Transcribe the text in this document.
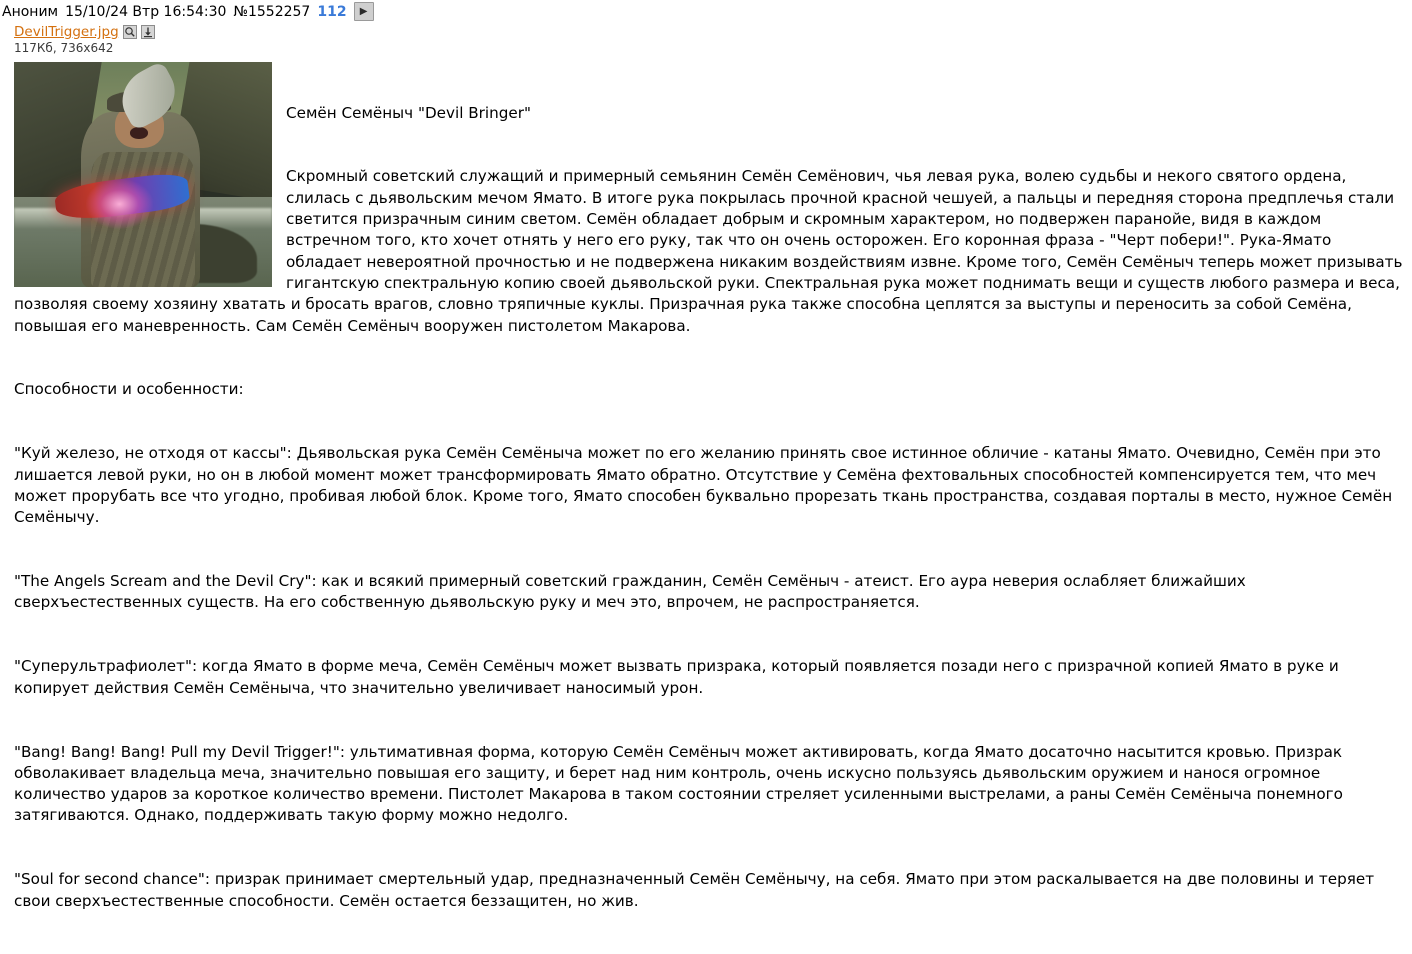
Аноним 15/10/24 Втр 16:54:30 №1552257 112	▶
DevilTrigger.jpg
117Кб, 736x642

Семён Семёныч "Devil Bringer"

Скромный советский служащий и примерный семьянин Семён Семёнович, чья левая рука, волею судьбы и некого святого ордена, слилась с дьявольским мечом Ямато. В итоге рука покрылась прочной красной чешуей, а пальцы и передняя сторона предплечья стали светится призрачным синим светом. Семён обладает добрым и скромным характером, но подвержен паранойе, видя в каждом встречном того, кто хочет отнять у него его руку, так что он очень осторожен. Его коронная фраза - "Черт побери!". Рука-Ямато обладает невероятной прочностью и не подвержена никаким воздействиям извне. Кроме того, Семён Семёныч теперь может призывать гигантскую спектральную копию своей дьявольской руки. Спектральная рука может поднимать вещи и существ любого размера и веса, позволяя своему хозяину хватать и бросать врагов, словно тряпичные куклы. Призрачная рука также способна цеплятся за выступы и переносить за собой Семёна, повышая его маневренность. Сам Семён Семёныч вооружен пистолетом Макарова.

Способности и особенности:

"Куй железо, не отходя от кассы": Дьявольская рука Семён Семёныча может по его желанию принять свое истинное обличие - катаны Ямато. Очевидно, Семён при это лишается левой руки, но он в любой момент может трансформировать Ямато обратно. Отсутствие у Семёна фехтовальных способностей компенсируется тем, что меч может прорубать все что угодно, пробивая любой блок. Кроме того, Ямато способен буквально прорезать ткань пространства, создавая порталы в место, нужное Семён Семёнычу.

"The Angels Scream and the Devil Cry": как и всякий примерный советский гражданин, Семён Семёныч - атеист. Его аура неверия ослабляет ближайших сверхъестественных существ. На его собственную дьявольскую руку и меч это, впрочем, не распространяется.

"Суперультрафиолет": когда Ямато в форме меча, Семён Семёныч может вызвать призрака, который появляется позади него с призрачной копией Ямато в руке и копирует действия Семён Семёныча, что значительно увеличивает наносимый урон.

"Bang! Bang! Bang! Pull my Devil Trigger!": ультимативная форма, которую Семён Семёныч может активировать, когда Ямато досаточно насытится кровью. Призрак обволакивает владельца меча, значительно повышая его защиту, и берет над ним контроль, очень искусно пользуясь дьявольским оружием и нанося огромное количество ударов за короткое количество времени. Пистолет Макарова в таком состоянии стреляет усиленными выстрелами, а раны Семён Семёныча понемного затягиваются. Однако, поддерживать такую форму можно недолго.

"Soul for second chance": призрак принимает смертельный удар, предназначенный Семён Семёнычу, на себя. Ямато при этом раскалывается на две половины и теряет свои сверхъестественные способности. Семён остается беззащитен, но жив.
